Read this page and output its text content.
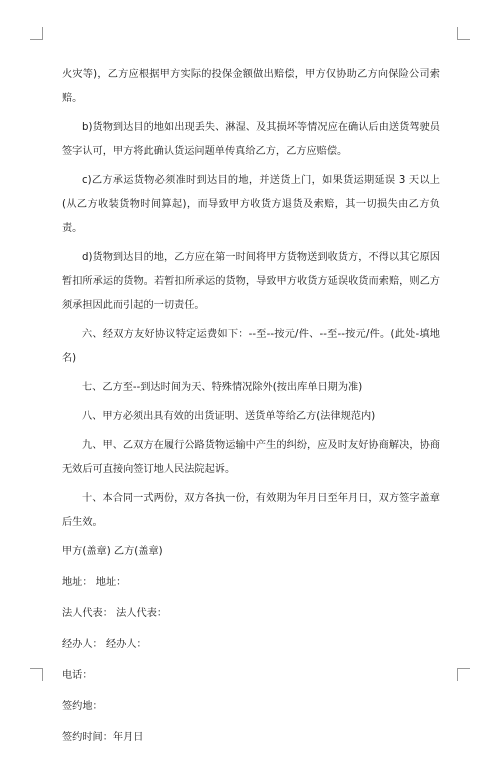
火灾等)，乙方应根据甲方实际的投保金额做出赔偿，甲方仅协助乙方向保险公司索赔。

b)货物到达目的地如出现丢失、淋湿、及其损坏等情况应在确认后由送货驾驶员签字认可，甲方将此确认货运问题单传真给乙方，乙方应赔偿。

c)乙方承运货物必须准时到达目的地，并送货上门，如果货运期延误 3 天以上(从乙方收装货物时间算起)，而导致甲方收货方退货及索赔，其一切损失由乙方负责。

d)货物到达目的地，乙方应在第一时间将甲方货物送到收货方，不得以其它原因暂扣所承运的货物。若暂扣所承运的货物，导致甲方收货方延误收货而索赔，则乙方须承担因此而引起的一切责任。

六、经双方友好协议特定运费如下：--至--按元/件、--至--按元/件。(此处-填地名)

七、乙方至--到达时间为天、特殊情况除外(按出库单日期为准)

八、甲方必须出具有效的出货证明、送货单等给乙方(法律规范内)

九、甲、乙双方在履行公路货物运输中产生的纠纷，应及时友好协商解决，协商无效后可直接向签订地人民法院起诉。

十、本合同一式两份，双方各执一份，有效期为年月日至年月日，双方签字盖章后生效。

甲方(盖章) 乙方(盖章)

地址： 地址：

法人代表： 法人代表：

经办人： 经办人：

电话：

签约地：

签约时间：年月日
